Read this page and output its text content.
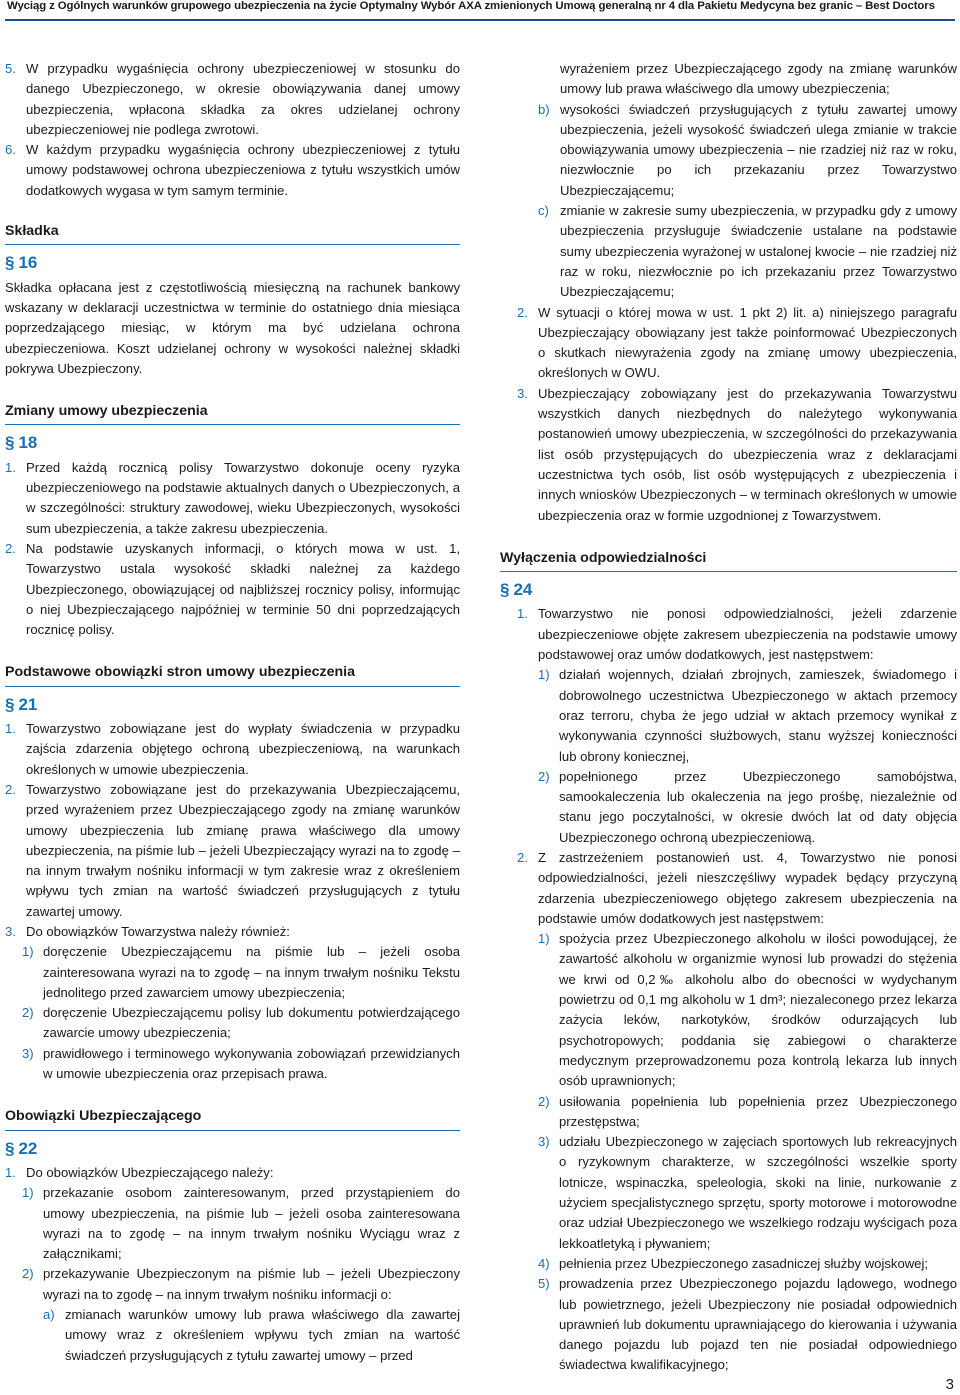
Wyciąg z Ogólnych warunków grupowego ubezpieczenia na życie Optymalny Wybór AXA zmienionych Umową generalną nr 4 dla Pakietu Medycyna bez granic – Best Doctors
5. W przypadku wygaśnięcia ochrony ubezpieczeniowej w stosunku do danego Ubezpieczonego, w okresie obowiązywania danej umowy ubezpieczenia, wpłacona składka za okres udzielanej ochrony ubezpieczeniowej nie podlega zwrotowi.
6. W każdym przypadku wygaśnięcia ochrony ubezpieczeniowej z tytułu umowy podstawowej ochrona ubezpieczeniowa z tytułu wszystkich umów dodatkowych wygasa w tym samym terminie.
Składka
§ 16
Składka opłacana jest z częstotliwością miesięczną na rachunek bankowy wskazany w deklaracji uczestnictwa w terminie do ostatniego dnia miesiąca poprzedzającego miesiąc, w którym ma być udzielana ochrona ubezpieczeniowa. Koszt udzielanej ochrony w wysokości należnej składki pokrywa Ubezpieczony.
Zmiany umowy ubezpieczenia
§ 18
1. Przed każdą rocznicą polisy Towarzystwo dokonuje oceny ryzyka ubezpieczeniowego na podstawie aktualnych danych o Ubezpieczonych, a w szczególności: struktury zawodowej, wieku Ubezpieczonych, wysokości sum ubezpieczenia, a także zakresu ubezpieczenia.
2. Na podstawie uzyskanych informacji, o których mowa w ust. 1, Towarzystwo ustala wysokość składki należnej za każdego Ubezpieczonego, obowiązującej od najbliższej rocznicy polisy, informując o niej Ubezpieczającego najpóźniej w terminie 50 dni poprzedzających rocznicę polisy.
Podstawowe obowiązki stron umowy ubezpieczenia
§ 21
1. Towarzystwo zobowiązane jest do wypłaty świadczenia w przypadku zajścia zdarzenia objętego ochroną ubezpieczeniową, na warunkach określonych w umowie ubezpieczenia.
2. Towarzystwo zobowiązane jest do przekazywania Ubezpieczającemu, przed wyrażeniem przez Ubezpieczającego zgody na zmianę warunków umowy ubezpieczenia lub zmianę prawa właściwego dla umowy ubezpieczenia, na piśmie lub – jeżeli Ubezpieczający wyrazi na to zgodę – na innym trwałym nośniku informacji w tym zakresie wraz z określeniem wpływu tych zmian na wartość świadczeń przysługujących z tytułu zawartej umowy.
3. Do obowiązków Towarzystwa należy również:
1) doręczenie Ubezpieczającemu na piśmie lub – jeżeli osoba zainteresowana wyrazi na to zgodę – na innym trwałym nośniku Tekstu jednolitego przed zawarciem umowy ubezpieczenia;
2) doręczenie Ubezpieczającemu polisy lub dokumentu potwierdzającego zawarcie umowy ubezpieczenia;
3) prawidłowego i terminowego wykonywania zobowiązań przewidzianych w umowie ubezpieczenia oraz przepisach prawa.
Obowiązki Ubezpieczającego
§ 22
1. Do obowiązków Ubezpieczającego należy:
1) przekazanie osobom zainteresowanym, przed przystąpieniem do umowy ubezpieczenia, na piśmie lub – jeżeli osoba zainteresowana wyrazi na to zgodę – na innym trwałym nośniku Wyciągu wraz z załącznikami;
2) przekazywanie Ubezpieczonym na piśmie lub – jeżeli Ubezpieczony wyrazi na to zgodę – na innym trwałym nośniku informacji o:
a) zmianach warunków umowy lub prawa właściwego dla zawartej umowy wraz z określeniem wpływu tych zmian na wartość świadczeń przysługujących z tytułu zawartej umowy – przed
wyrażeniem przez Ubezpieczającego zgody na zmianę warunków umowy lub prawa właściwego dla umowy ubezpieczenia;
b) wysokości świadczeń przysługujących z tytułu zawartej umowy ubezpieczenia, jeżeli wysokość świadczeń ulega zmianie w trakcie obowiązywania umowy ubezpieczenia – nie rzadziej niż raz w roku, niezwłocznie po ich przekazaniu przez Towarzystwo Ubezpieczającemu;
c) zmianie w zakresie sumy ubezpieczenia, w przypadku gdy z umowy ubezpieczenia przysługuje świadczenie ustalane na podstawie sumy ubezpieczenia wyrażonej w ustalonej kwocie – nie rzadziej niż raz w roku, niezwłocznie po ich przekazaniu przez Towarzystwo Ubezpieczającemu;
2. W sytuacji o której mowa w ust. 1 pkt 2) lit. a) niniejszego paragrafu Ubezpieczający obowiązany jest także poinformować Ubezpieczonych o skutkach niewyrażenia zgody na zmianę umowy ubezpieczenia, określonych w OWU.
3. Ubezpieczający zobowiązany jest do przekazywania Towarzystwu wszystkich danych niezbędnych do należytego wykonywania postanowień umowy ubezpieczenia, w szczególności do przekazywania list osób przystępujących do ubezpieczenia wraz z deklaracjami uczestnictwa tych osób, list osób występujących z ubezpieczenia i innych wniosków Ubezpieczonych – w terminach określonych w umowie ubezpieczenia oraz w formie uzgodnionej z Towarzystwem.
Wyłączenia odpowiedzialności
§ 24
1. Towarzystwo nie ponosi odpowiedzialności, jeżeli zdarzenie ubezpieczeniowe objęte zakresem ubezpieczenia na podstawie umowy podstawowej oraz umów dodatkowych, jest następstwem:
1) działań wojennych, działań zbrojnych, zamieszek, świadomego i dobrowolnego uczestnictwa Ubezpieczonego w aktach przemocy oraz terroru, chyba że jego udział w aktach przemocy wynikał z wykonywania czynności służbowych, stanu wyższej konieczności lub obrony koniecznej,
2) popełnionego przez Ubezpieczonego samobójstwa, samookaleczenia lub okaleczenia na jego prośbę, niezależnie od stanu jego poczytalności, w okresie dwóch lat od daty objęcia Ubezpieczonego ochroną ubezpieczeniową.
2. Z zastrzeżeniem postanowień ust. 4, Towarzystwo nie ponosi odpowiedzialności, jeżeli nieszczęśliwy wypadek będący przyczyną zdarzenia ubezpieczeniowego objętego zakresem ubezpieczenia na podstawie umów dodatkowych jest następstwem:
1) spożycia przez Ubezpieczonego alkoholu w ilości powodującej, że zawartość alkoholu w organizmie wynosi lub prowadzi do stężenia we krwi od 0,2‰ alkoholu albo do obecności w wydychanym powietrzu od 0,1 mg alkoholu w 1 dm³; niezaleconego przez lekarza zażycia leków, narkotyków, środków odurzających lub psychotropowych; poddania się zabiegowi o charakterze medycznym przeprowadzonemu poza kontrolą lekarza lub innych osób uprawnionych;
2) usiłowania popełnienia lub popełnienia przez Ubezpieczonego przestępstwa;
3) udziału Ubezpieczonego w zajęciach sportowych lub rekreacyjnych o ryzykownym charakterze, w szczególności wszelkie sporty lotnicze, wspinaczka, speleologia, skoki na linie, nurkowanie z użyciem specjalistycznego sprzętu, sporty motorowe i motorowodne oraz udział Ubezpieczonego we wszelkiego rodzaju wyścigach poza lekkoatletyką i pływaniem;
4) pełnienia przez Ubezpieczonego zasadniczej służby wojskowej;
5) prowadzenia przez Ubezpieczonego pojazdu lądowego, wodnego lub powietrznego, jeżeli Ubezpieczony nie posiadał odpowiednich uprawnień lub dokumentu uprawniającego do kierowania i używania danego pojazdu lub pojazd ten nie posiadał odpowiedniego świadectwa kwalifikacyjnego;
3
